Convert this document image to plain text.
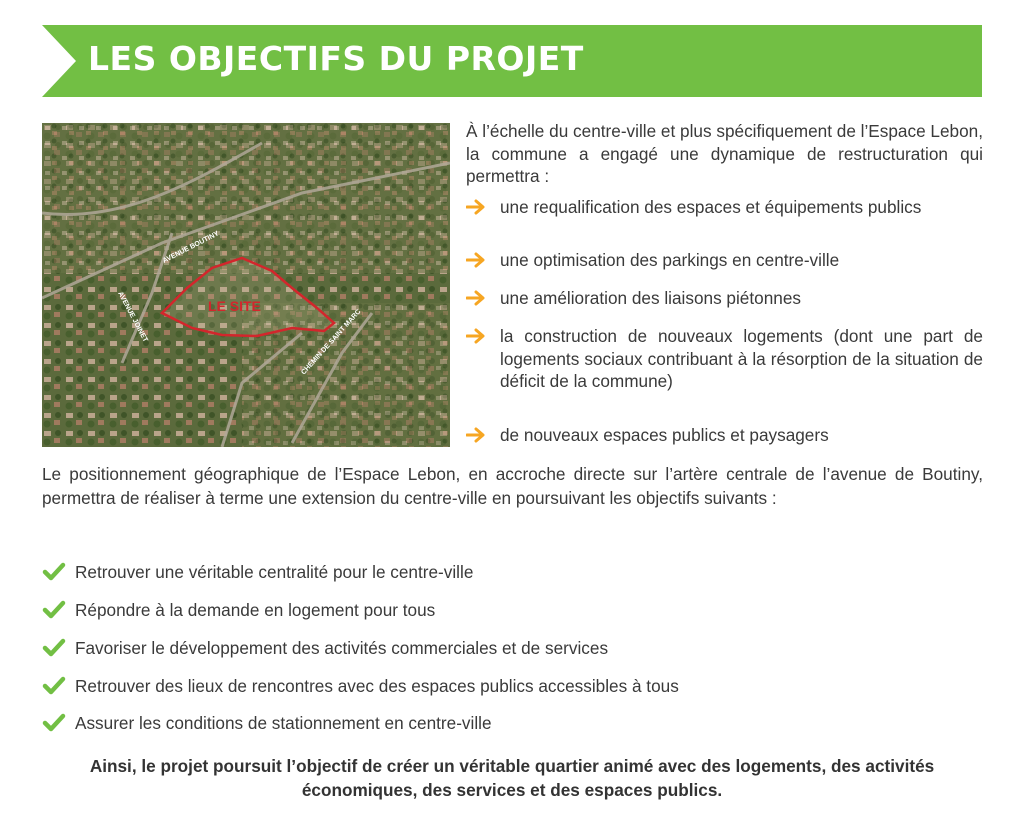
LES OBJECTIFS DU PROJET
LE SITE
AVENUE BOUTINY
AVENUE JOINET	CHEMIN DE SAINT MARC

À l’échelle du centre-ville et plus spécifiquement de l’Espace Lebon, la commune a engagé une dynamique de restructuration qui permettra :

une requalification des espaces et équipements publics
une optimisation des parkings en centre-ville
une amélioration des liaisons piétonnes
la construction de nouveaux logements (dont une part de logements sociaux contribuant à la résorption de la situation de déficit de la commune)
de nouveaux espaces publics et paysagers

Le positionnement géographique de l’Espace Lebon, en accroche directe sur l’artère centrale de l’avenue de Boutiny, permettra de réaliser à terme une extension du centre-ville en poursuivant les objectifs suivants :

Retrouver une véritable centralité pour le centre-ville
Répondre à la demande en logement pour tous
Favoriser le développement des activités commerciales et de services
Retrouver des lieux de rencontres avec des espaces publics accessibles à tous
Assurer les conditions de stationnement en centre-ville

Ainsi, le projet poursuit l’objectif de créer un véritable quartier animé avec des logements, des activités économiques, des services et des espaces publics.
